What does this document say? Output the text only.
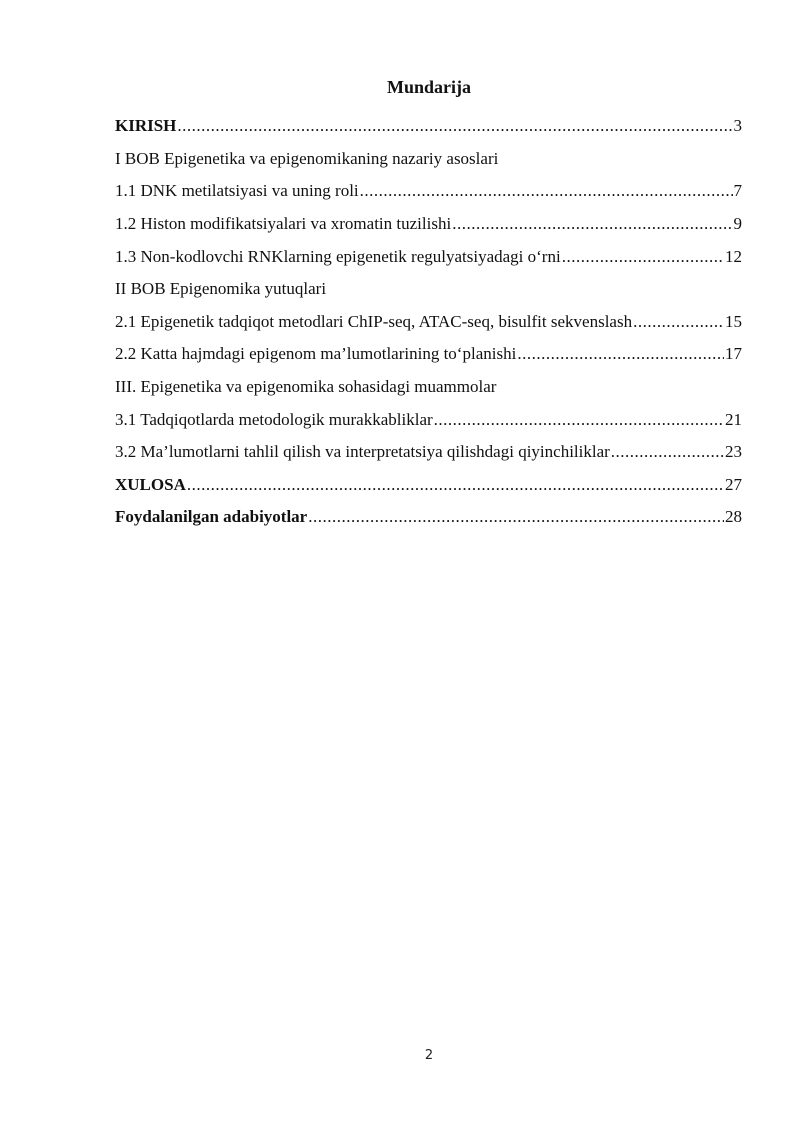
Mundarija
KIRISH .....	3
I BOB Epigenetika va epigenomikaning nazariy asoslari
1.1 DNK metilatsiyasi va uning roli .....	7
1.2 Histon modifikatsiyalari va xromatin tuzilishi .....	9
1.3 Non-kodlovchi RNKlarning epigenetik regulyatsiyadagi o‘rni .....	12
II BOB Epigenomika yutuqlari
2.1 Epigenetik tadqiqot metodlari ChIP-seq, ATAC-seq, bisulfit sekvenslash .....	15
2.2 Katta hajmdagi epigenom ma’lumotlarining to‘planishi .....	17
III. Epigenetika va epigenomika sohasidagi muammolar
3.1 Tadqiqotlarda metodologik murakkabliklar .....	21
3.2 Ma’lumotlarni tahlil qilish va interpretatsiya qilishdagi qiyinchiliklar .....	23
XULOSA .....	27
Foydalanilgan adabiyotlar .....	28
2
